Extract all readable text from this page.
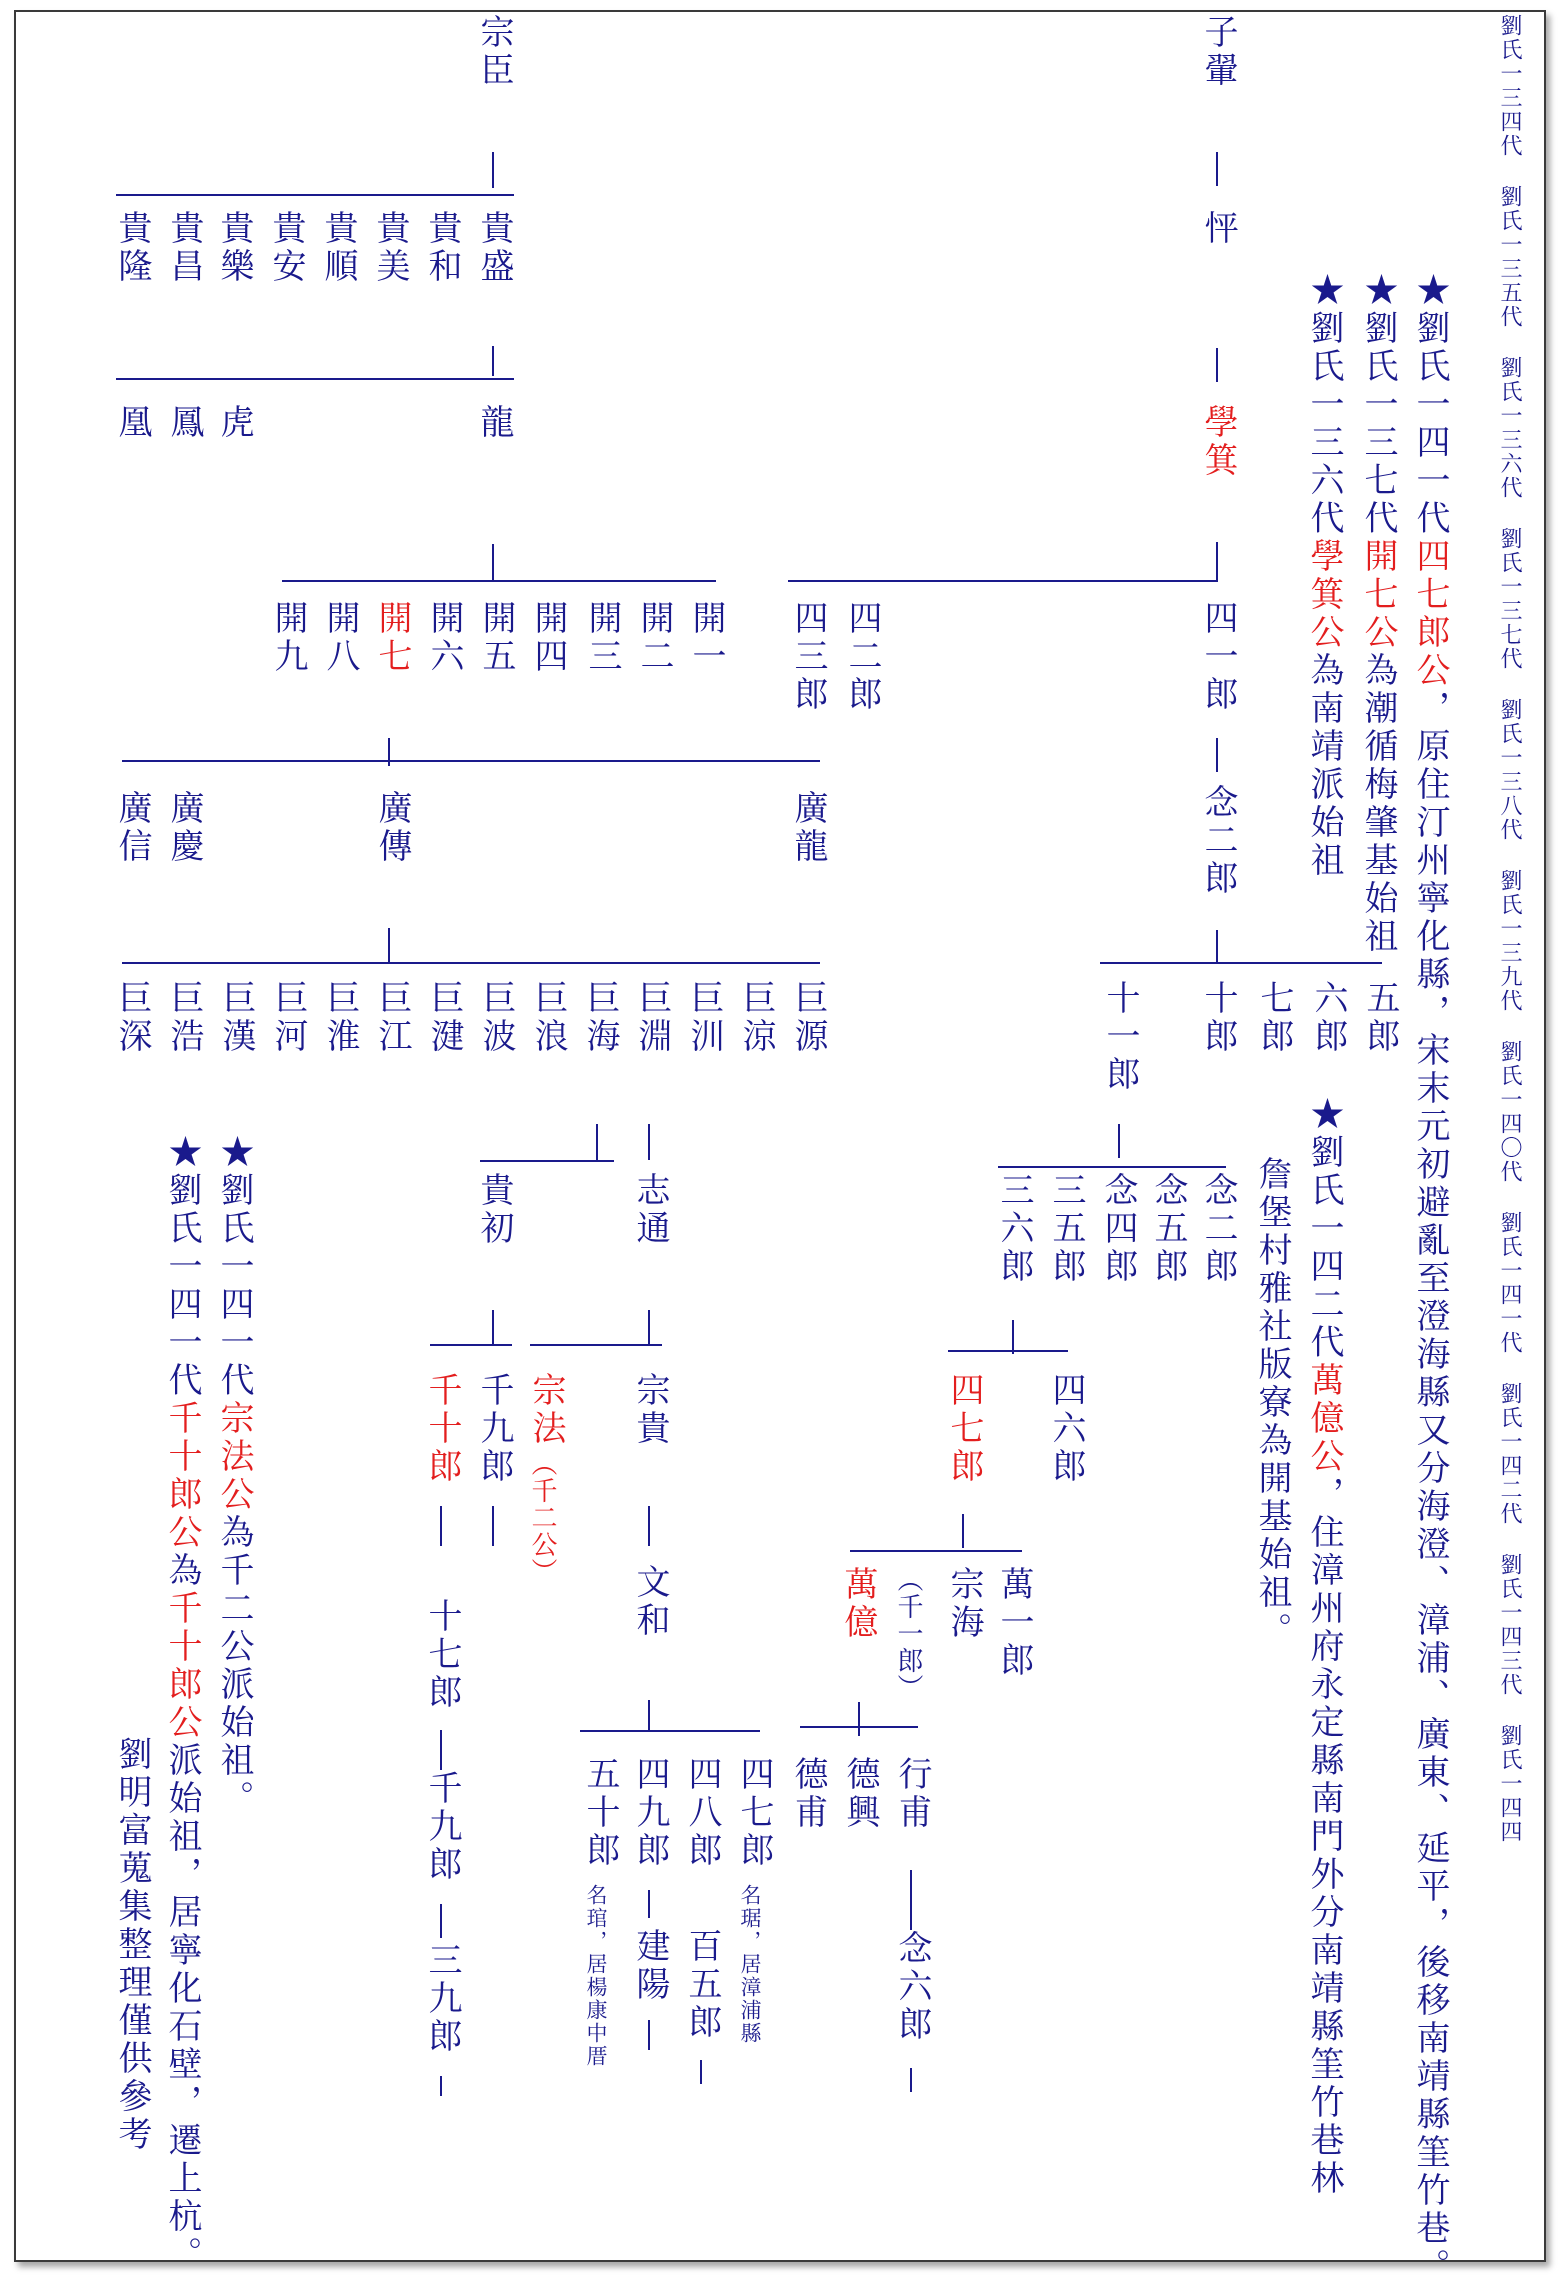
劉氏一三四代 劉氏一三五代 劉氏一三六代 劉氏一三七代 劉氏一三八代 劉氏一三九代 劉氏一四〇代 劉氏一四一代 劉氏一四二代 劉氏一四三代 劉氏一四四
子翬
怦
學箕
四一郎
念二郎
五郎
六郎
七郎
十郎
十一郎
念二郎
念五郎
念四郎
三五郎
三六郎
四六郎
四七郎
萬一郎
宗海
（千一郎）
萬億
行甫
德興
德甫
念六郎
★劉氏一四一代四七郎公，原住汀州寧化縣，宋末元初避亂至澄海縣又分海澄、漳浦、廣東、延平，後移南靖縣筀竹巷。
★劉氏一三七代開七公為潮循梅肇基始祖
★劉氏一三六代學箕公為南靖派始祖
★劉氏一四二代萬億公，住漳州府永定縣南門外分南靖縣筀竹巷林
詹堡村雅社版寮為開基始祖。
宗臣
貴盛
貴和
貴美
貴順
貴安
貴樂
貴昌
貴隆
龍
虎
鳳
凰
開一
開二
開三
開四
開五
開六
開七
開八
開九	四二郎
四三郎
廣龍
廣傳
廣慶
廣信
巨源
巨涼
巨汌
巨淵
巨海
巨浪
巨波
巨湕
巨江
巨淮
巨河
巨漢
巨浩
巨深
志通
貴初
宗貴
宗法
（千二公）
千九郎
千十郎
文和
四七郎
名琚，居漳浦縣
四八郎
百五郎
四九郎
建陽
五十郎
名琯，居楊康中厝
十七郎
千九郎
三九郎
★劉氏一四一代宗法公為千二公派始祖。
★劉氏一四一代千十郎公為千十郎公派始祖，居寧化石壁，遷上杭。
劉明富蒐集整理僅供參考
